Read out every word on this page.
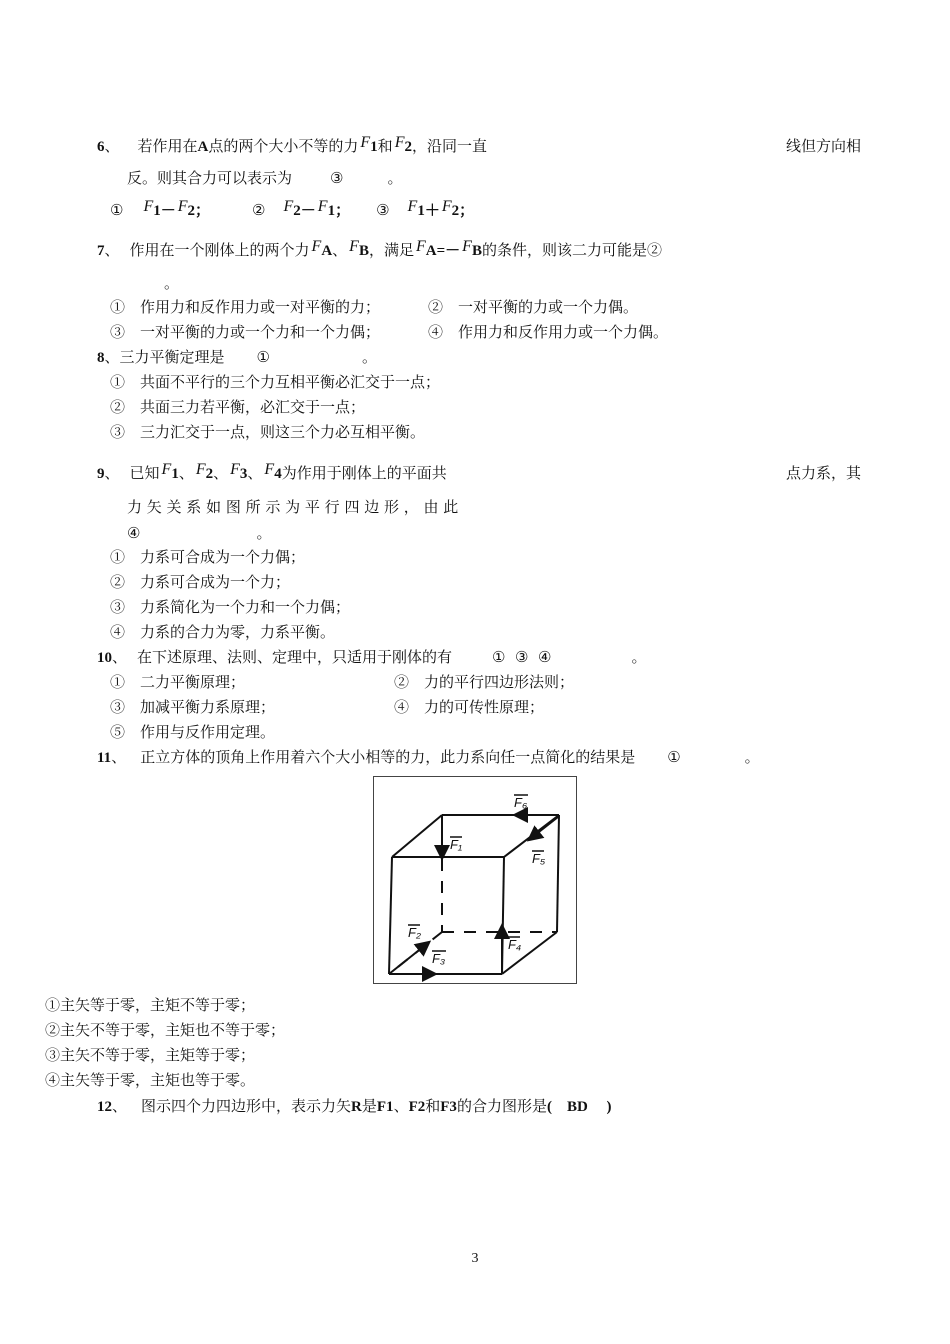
6、 若作用在A点的两个大小不等的力 F1和 F2，沿同一直	线但方向相
反。则其合力可以表示为	③	。
① F1－ F2；	② F2－ F1； ③ F1＋ F2；
7、 作用在一个刚体上的两个力 FA、 FB，满足 FA=－ FB的条件，则该二力可能是②
。
①　作用力和反作用力或一对平衡的力；	②　一对平衡的力或一个力偶。
③　一对平衡的力或一个力和一个力偶；	④　作用力和反作用力或一个力偶。
8、三力平衡定理是 ①	。
①　共面不平行的三个力互相平衡必汇交于一点；
②　共面三力若平衡，必汇交于一点；
③　三力汇交于一点，则这三个力必互相平衡。
9、 已知 F1、 F2、 F3、 F4为作用于刚体上的平面共	点力系，其
力 矢 关 系 如 图 所 示 为 平 行 四 边 形 ， 由 此
④	。
①　力系可合成为一个力偶；
②　力系可合成为一个力；
③　力系简化为一个力和一个力偶；
④　力系的合力为零，力系平衡。
10、 在下述原理、法则、定理中，只适用于刚体的有	①  ③  ④	。
①　二力平衡原理；	②　力的平行四边形法则；
③　加减平衡力系原理；	④　力的可传性原理；
⑤　作用与反作用定理。
11、 正立方体的顶角上作用着六个大小相等的力，此力系向任一点简化的结果是 ①	。
F₆
F₁
F₅
F₂
F₃
F₄
①主矢等于零，主矩不等于零；
②主矢不等于零，主矩也不等于零；
③主矢不等于零，主矩等于零；
④主矢等于零，主矩也等于零。
12、 图示四个力四边形中，表示力矢R是F1、F2和F3的合力图形是(    BD     )
3
